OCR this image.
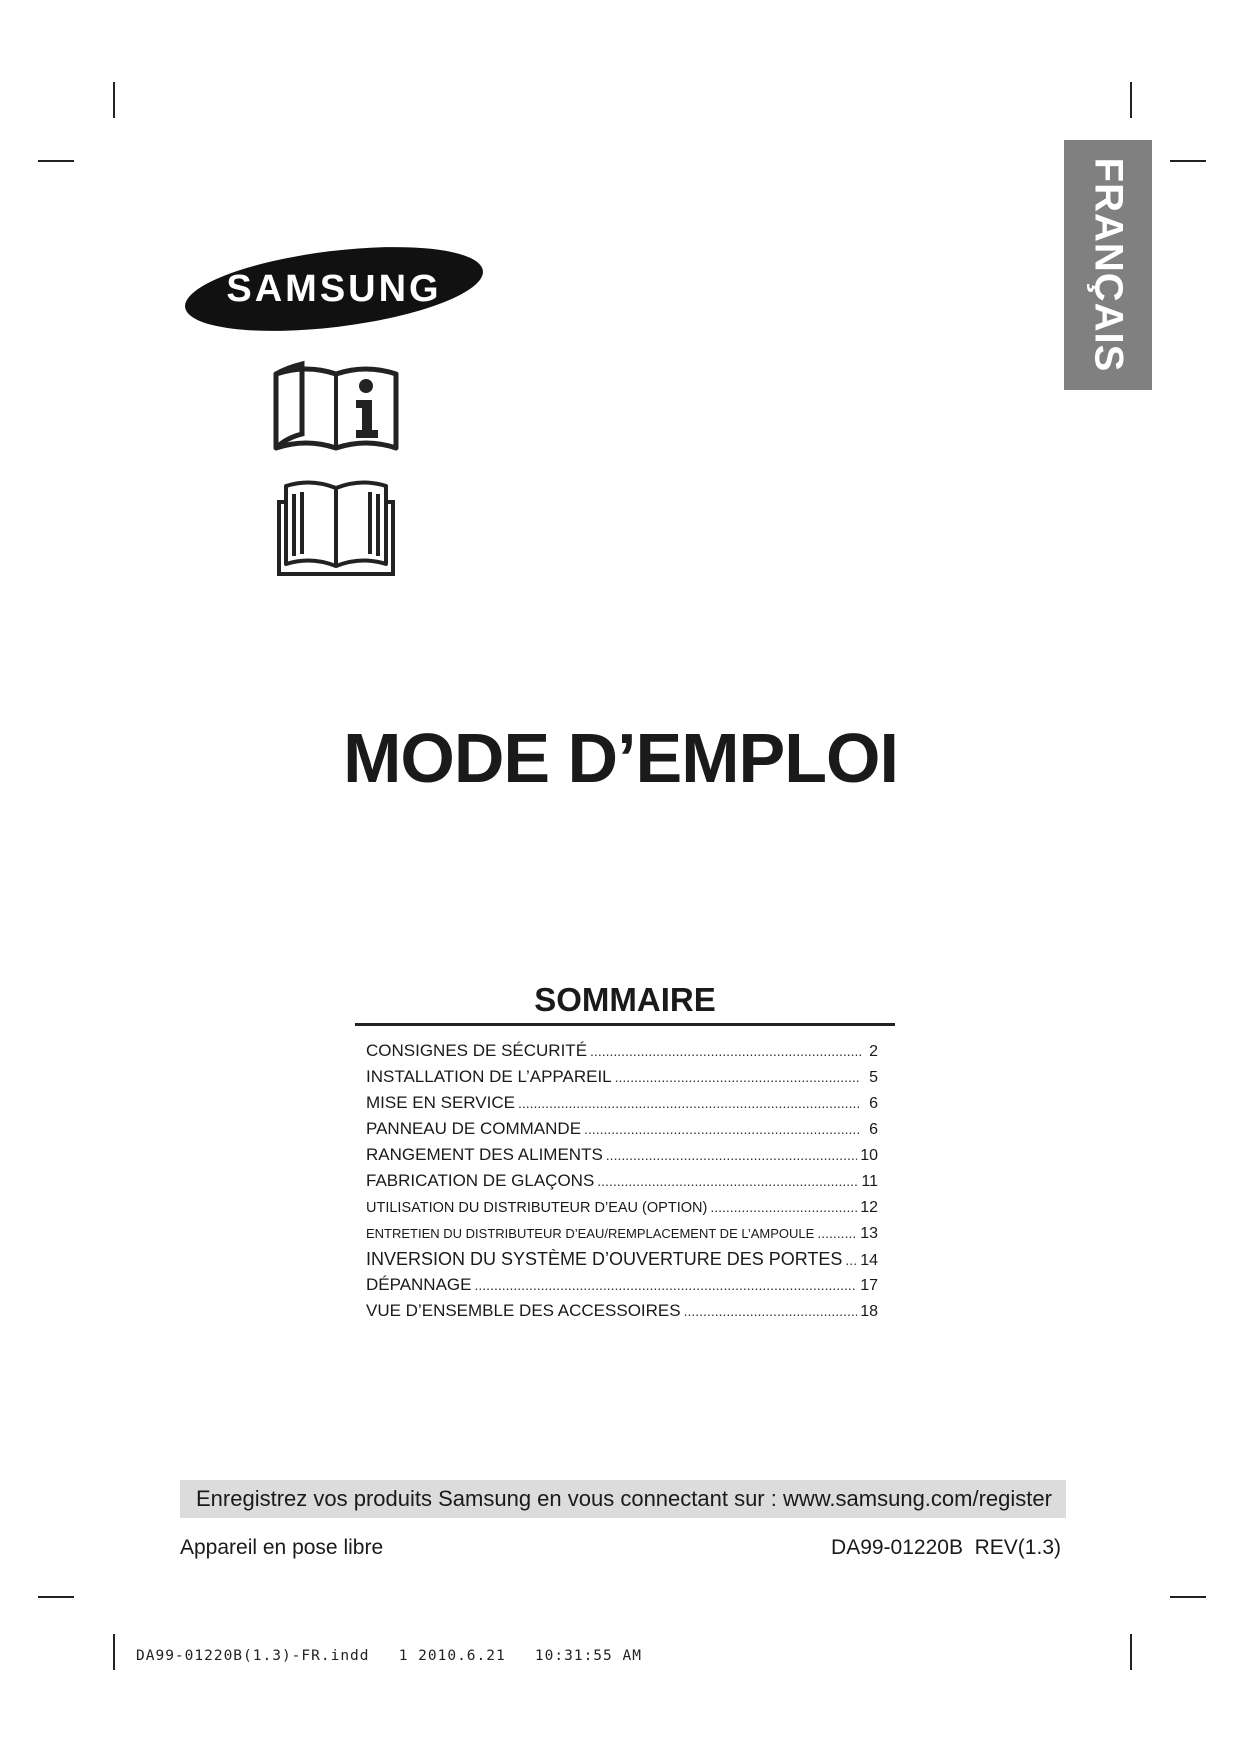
FRANÇAIS
SAMSUNG
MODE D’EMPLOI
SOMMAIRE
CONSIGNES DE SÉCURITÉ .....	2
INSTALLATION DE L’APPAREIL .....	5
MISE EN SERVICE .....	6
PANNEAU DE COMMANDE .....	6
RANGEMENT DES ALIMENTS .....	10
FABRICATION DE GLAÇONS .....	11
UTILISATION DU DISTRIBUTEUR D’EAU (OPTION) .....	12
ENTRETIEN DU DISTRIBUTEUR D’EAU/REMPLACEMENT DE L’AMPOULE .....	13
INVERSION DU SYSTÈME D’OUVERTURE DES PORTES ..... 14
DÉPANNAGE .....	17
VUE D’ENSEMBLE DES ACCESSOIRES .....	18
Enregistrez vos produits Samsung en vous connectant sur : www.samsung.com/register
Appareil en pose libre	DA99-01220B  REV(1.3)
DA99-01220B(1.3)-FR.indd   1 2010.6.21   10:31:55 AM
